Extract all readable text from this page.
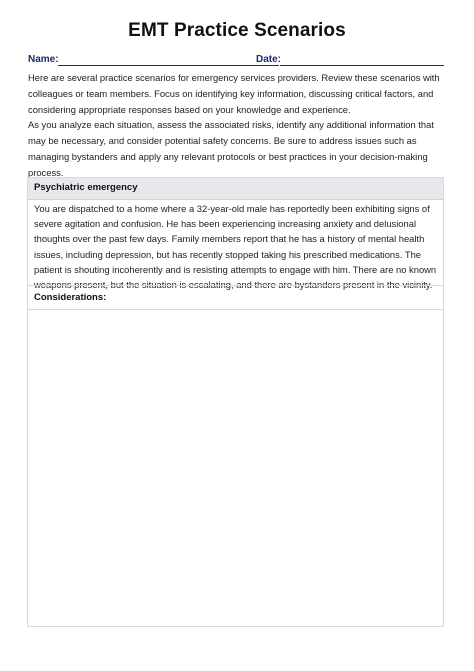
EMT Practice Scenarios
Name:	Date:
Here are several practice scenarios for emergency services providers. Review these scenarios with colleagues or team members. Focus on identifying key information, discussing critical factors, and considering appropriate responses based on your knowledge and experience.
As you analyze each situation, assess the associated risks, identify any additional information that may be necessary, and consider potential safety concerns. Be sure to address issues such as managing bystanders and apply any relevant protocols or best practices in your decision-making process.
Psychiatric emergency
You are dispatched to a home where a 32-year-old male has reportedly been exhibiting signs of severe agitation and confusion. He has been experiencing increasing anxiety and delusional thoughts over the past few days. Family members report that he has a history of mental health issues, including depression, but has recently stopped taking his prescribed medications. The patient is shouting incoherently and is resisting attempts to engage with him. There are no known weapons present, but the situation is escalating, and there are bystanders present in the vicinity.
Considerations:
